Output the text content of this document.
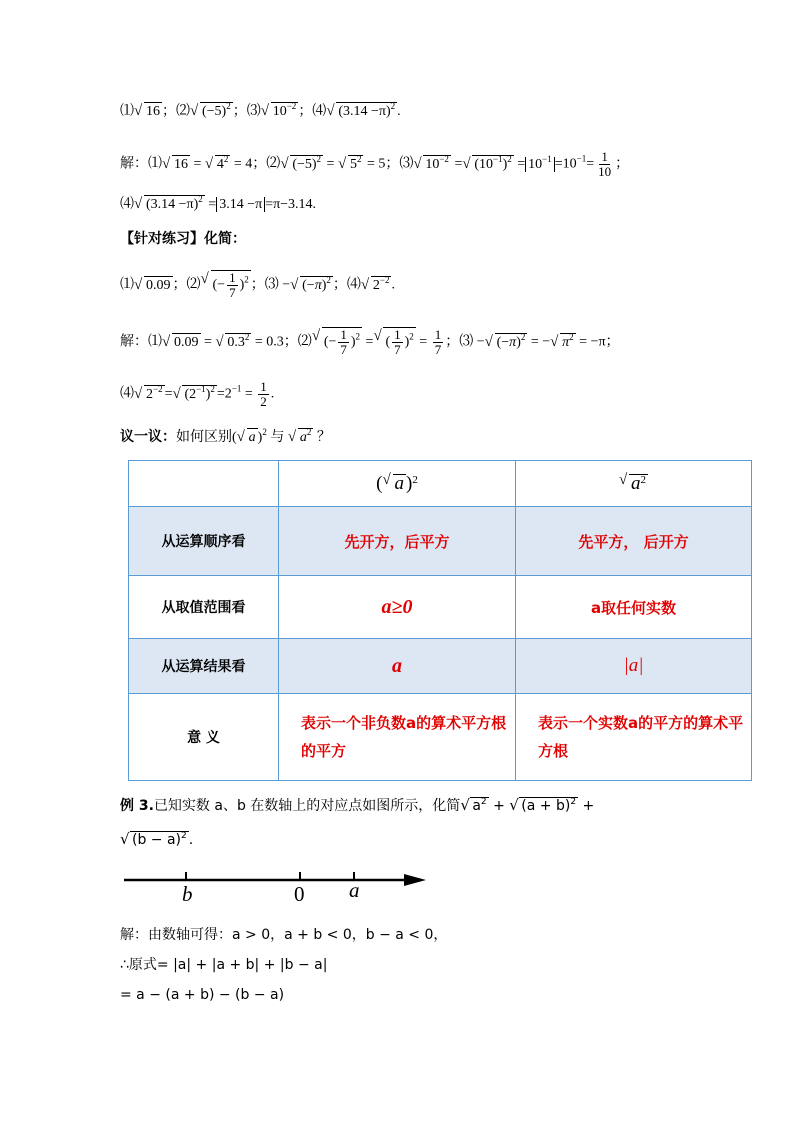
⑴ √ 16 ；⑵ √ $(-5)^2$ ；⑶ √ $10^{-2}$ ；⑷ √ $(3.14 -\pi)^2$ .
解：⑴ √ 16 = √ $4^2 = 4$；⑵ √ $(-5)^2$ = √ $5^2 = 5$；⑶ √ $10^{-2}$ = √ $(10^{-1})^2 = 10^{-1} =10^{-1}= \frac{1}{10}$ ；
⑷ √ $(3.14 -\pi)^2 = 3.14 -\pi =\pi-3.14$.
【针对练习】化简：
⑴ √ 0.09 ；⑵ √ (− $\frac{1}{7} )^2$ ；⑶ − √ $(-\pi)^2$ ；⑷ √ $2^{-2}$ .
解：⑴ √ 0.09 = √ $0.3^2 = 0.3$；⑵ √ (− $\frac{1}{7} )^2$ = √ ( $\frac{1}{7} )^2 = \frac{1}{7}$ ；⑶ − √ $(-\pi)^2$ = − √ $\pi^2 = -\pi$；
⑷ √ $2^{-2}$ = √ $(2^{-1})^2 =2^{-1} = \frac{1}{2}$ .
议一议：如何区别( √ a )$^2$ 与 √ $a^2$ ？
	( √ a )$^2$	√ $a^2$
从运算顺序看	先开方，后平方	先平方， 后开方
从取值范围看	a≥0	a取任何实数
从运算结果看	a	|a|
意 义	表示一个非负数a的算术平方根的平方	表示一个实数a的平方的算术平方根
例 3.已知实数 a、b 在数轴上的对应点如图所示，化简 √ $a^2$ + √ $(a + b)^2$ +
√ $(b - a)^2$ .
b	0 a
解：由数轴可得：a > 0，a + b < 0，b − a < 0，
∴原式= |a| + |a + b| + |b − a|
= a − (a + b) − (b − a)
